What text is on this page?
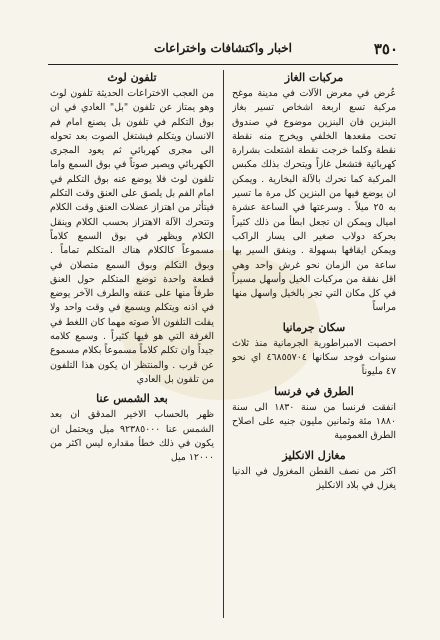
٣٥٠
اخبار واكتشافات واختراعات
مركبات الغاز
عُرض في معرض الآلات في مدينة موغح مركبة تسع اربعة اشخاص تسير بغاز البنزين فان البنزين موضوع في صندوق تحت مقعدها الخلفي ويخرج منه نقطة نقطة وكلما خرجت نقطة اشتعلت بشرارة كهربائية فتشعل غازاً ويتحرك بذلك مكبس المركبة كما تحرك بالآلة البخارية . ويمكن ان يوضع فيها من البنزين كل مرة ما تسير به ٢٥ ميلاً . وسرعتها في الساعة عشرة اميال ويمكن ان تجعل ابطأ من ذلك كثيراً بحركة دولاب صغير الى يسار الراكب ويمكن ايقافها بسهولة . وينفق السير بها ساعة من الزمان نحو غرش واحد وهي اقل نفقة من مركبات الخيل وأسهل مسيراً في كل مكان التي تجر بالخيل واسهل منها مراساً
سكان جرمانيا
احصيت الامبراطورية الجرمانية منذ ثلاث سنوات فوجد سكانها ٤٦٨٥٥٧٠٤ اي نحو ٤٧ مليوناً
الطرق في فرنسا
انفقت فرنسا من سنة ١٨٣٠ الى سنة ١٨٨٠ مئة وثمانين مليون جنيه على اصلاح الطرق العمومية
مغازل الانكليز
اكثر من نصف القطن المغزول في الدنيا يغزل في بلاد الانكليز
تلفون لوث
من العجب الاختراعات الحديثة تلفون لوث وهو يمتاز عن تلفون "بل" العادي في ان بوق التكلم في تلفون بل يصنع امام فم الانسان ويتكلم فيشتغل الصوت بعد تحوله الى مجرى كهربائي ثم يعود المجرى الكهربائي ويصير صوتاً في بوق السمع واما تلفون لوث فلا يوضع عنه بوق التكلم في امام الفم بل يلصق على العنق وقت التكلم فيتأثر من اهتزاز عضلات العنق وقت الكلام وتتحرك الآلة الاهتزاز بحسب الكلام وينقل الكلام ويظهر في بوق السمع كلاماً مسموعاً كالكلام هناك المتكلم تماماً . وبوق التكلم وبوق السمع متصلان في قطعة واحدة توضع المتكلم حول العنق طرفاً منها على عنقه والطرف الآخر يوضع في اذنه ويتكلم ويسمع في وقت واحد ولا يفلت التلفون الأ صوته مهما كان اللغط في الغرفة التي هو فيها كثيراً . وسمع كلامه جيداً وان تكلم كلاماً مسموعاً بكلام مسموع عن قرب . والمنتظر ان يكون هذا التلفون من تلفون بل العادي
بعد الشمس عنا
ظهر بالحساب الاخير المدقق ان بعد الشمس عنا ٩٢٣٨٥٠٠٠ ميل ويحتمل ان يكون في ذلك خطأ مقداره ليس اكثر من ١٢٠٠٠ ميل
